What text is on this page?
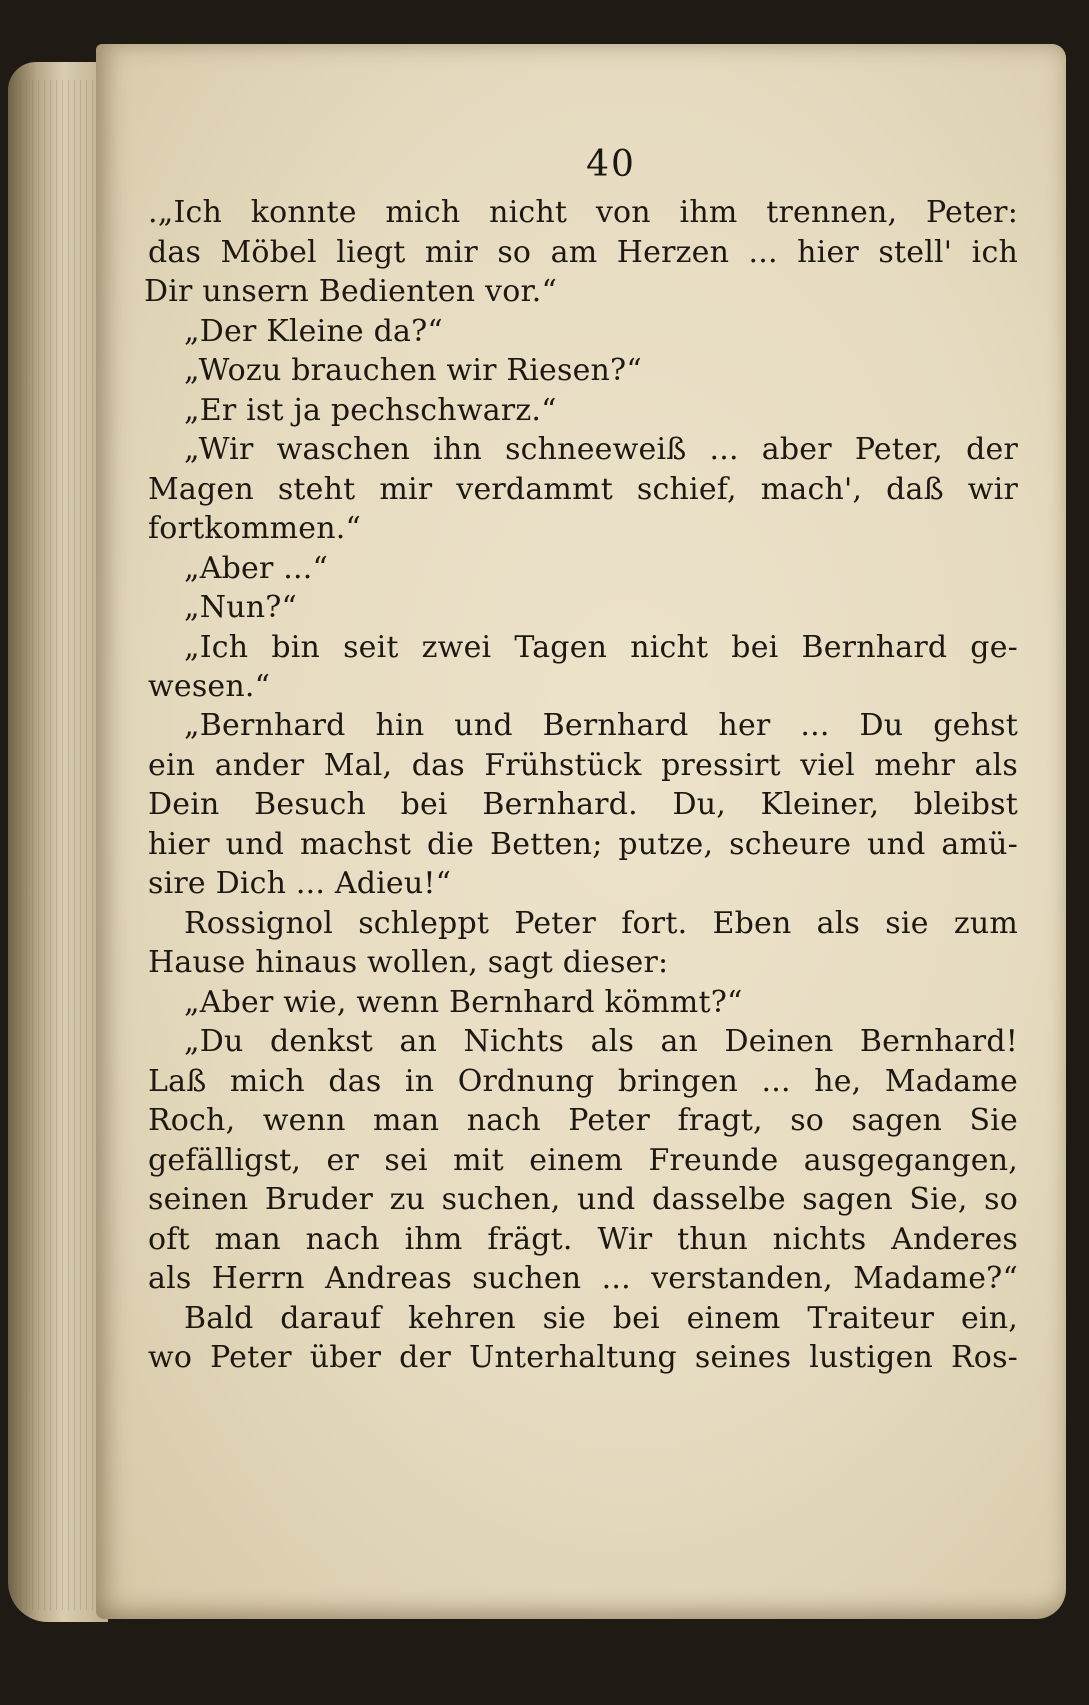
40
.„Ich konnte mich nicht von ihm trennen, Peter:
das Möbel liegt mir so am Herzen ... hier stell' ich
Dir unsern Bedienten vor.“
„Der Kleine da?“
„Wozu brauchen wir Riesen?“
„Er ist ja pechschwarz.“
„Wir waschen ihn schneeweiß ... aber Peter, der
Magen steht mir verdammt schief, mach', daß wir
fortkommen.“
„Aber ...“
„Nun?“
„Ich bin seit zwei Tagen nicht bei Bernhard ge-
wesen.“
„Bernhard hin und Bernhard her ... Du gehst
ein ander Mal, das Frühstück pressirt viel mehr als
Dein Besuch bei Bernhard. Du, Kleiner, bleibst
hier und machst die Betten; putze, scheure und amü-
sire Dich ... Adieu!“
Rossignol schleppt Peter fort. Eben als sie zum
Hause hinaus wollen, sagt dieser:
„Aber wie, wenn Bernhard kömmt?“
„Du denkst an Nichts als an Deinen Bernhard!
Laß mich das in Ordnung bringen ... he, Madame
Roch, wenn man nach Peter fragt, so sagen Sie
gefälligst, er sei mit einem Freunde ausgegangen,
seinen Bruder zu suchen, und dasselbe sagen Sie, so
oft man nach ihm frägt. Wir thun nichts Anderes
als Herrn Andreas suchen ... verstanden, Madame?“
Bald darauf kehren sie bei einem Traiteur ein,
wo Peter über der Unterhaltung seines lustigen Ros-
